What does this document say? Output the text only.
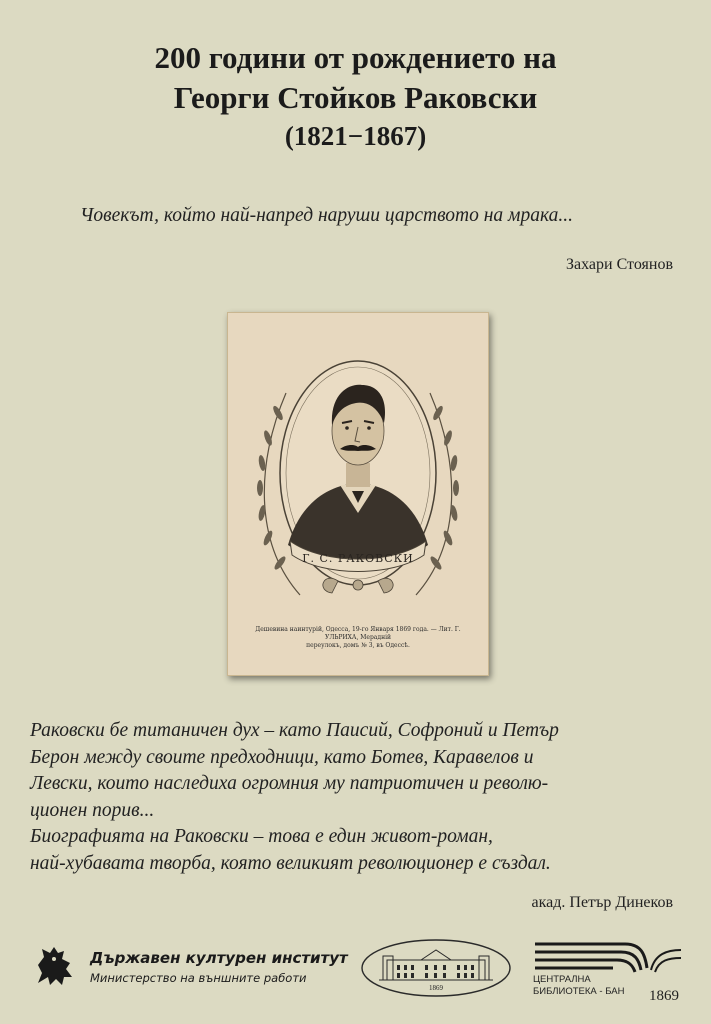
200 години от рождението на
Георги Стойков Раковски
(1821−1867)
Човекът, който най-напред наруши царството на мрака...
Захари Стоянов
Г. С. РАКОВСКИ
Дешевина наинтурій, Одесса, 19-го Января 1869 года. — Лит. Г. УЛЬРИХА, Мерадній
переулокъ, домъ № 3, въ Одессѣ.
Раковски бе титаничен дух – като Паисий, Софроний и Петър
Берон между своите предходници, като Ботев, Каравелов и
Левски, които наследиха огромния му патриотичен и револю-
ционен порив...
Биографията на Раковски – това е един живот-роман,
най-хубавата творба, която великият революционер е създал.
акад. Петър Динеков
Държавен културен институт
Министерство на външните работи
1869
ЦЕНТРАЛНА
БИБЛИОТЕКА - БАН 1869
